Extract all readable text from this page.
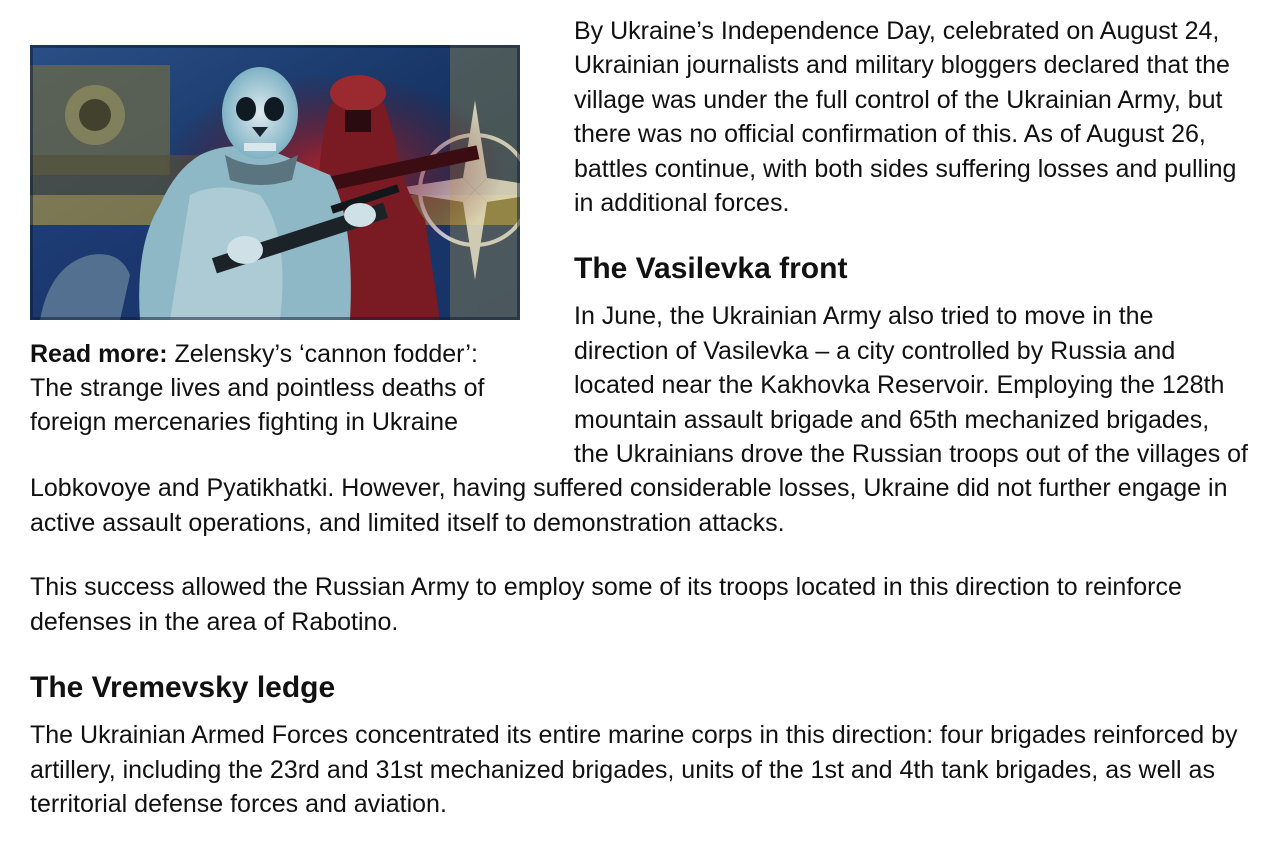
Read more: Zelensky’s ‘cannon fodder’: The strange lives and pointless deaths of foreign mercenaries fighting in Ukraine

By Ukraine’s Independence Day, celebrated on August 24, Ukrainian journalists and military bloggers declared that the village was under the full control of the Ukrainian Army, but there was no official confirmation of this. As of August 26, battles continue, with both sides suffering losses and pulling in additional forces.

The Vasilevka front

In June, the Ukrainian Army also tried to move in the direction of Vasilevka – a city controlled by Russia and located near the Kakhovka Reservoir. Employing the 128th mountain assault brigade and 65th mechanized brigades, the Ukrainians drove the Russian troops out of the villages of Lobkovoye and Pyatikhatki. However, having suffered considerable losses, Ukraine did not further engage in active assault operations, and limited itself to demonstration attacks.

This success allowed the Russian Army to employ some of its troops located in this direction to reinforce defenses in the area of Rabotino.

The Vremevsky ledge

The Ukrainian Armed Forces concentrated its entire marine corps in this direction: four brigades reinforced by artillery, including the 23rd and 31st mechanized brigades, units of the 1st and 4th tank brigades, as well as territorial defense forces and aviation.
